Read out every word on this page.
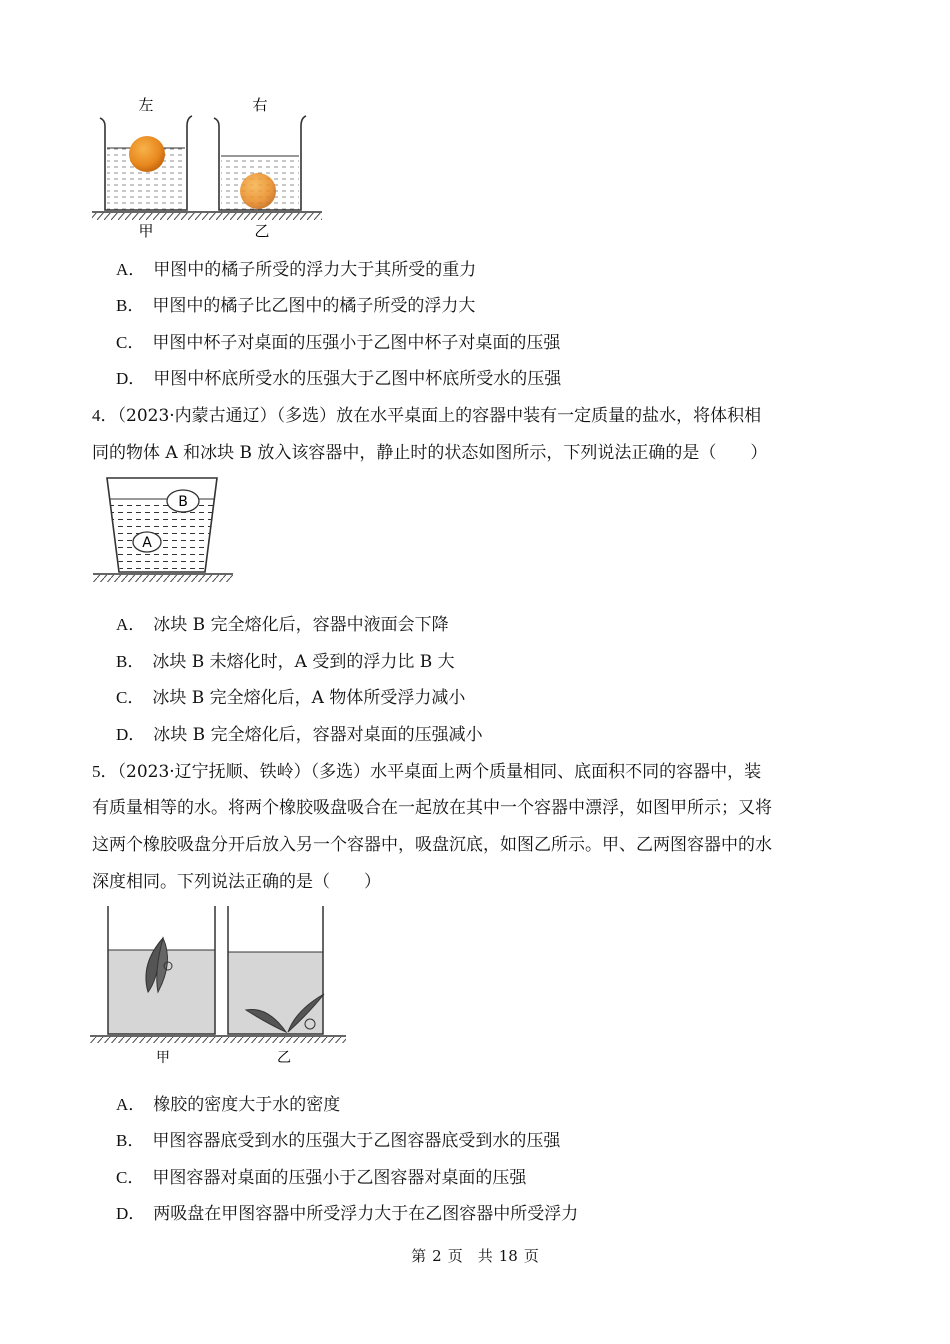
左	右
甲	乙
A． 甲图中的橘子所受的浮力大于其所受的重力
B． 甲图中的橘子比乙图中的橘子所受的浮力大
C． 甲图中杯子对桌面的压强小于乙图中杯子对桌面的压强
D． 甲图中杯底所受水的压强大于乙图中杯底所受水的压强
4．（2023·内蒙古通辽）（多选）放在水平桌面上的容器中装有一定质量的盐水，将体积相
同的物体 A 和冰块 B 放入该容器中，静止时的状态如图所示，下列说法正确的是（　　）
B
A
A． 冰块 B 完全熔化后，容器中液面会下降
B． 冰块 B 未熔化时，A 受到的浮力比 B 大
C． 冰块 B 完全熔化后，A 物体所受浮力减小
D． 冰块 B 完全熔化后，容器对桌面的压强减小
5．（2023·辽宁抚顺、铁岭）（多选）水平桌面上两个质量相同、底面积不同的容器中，装
有质量相等的水。将两个橡胶吸盘吸合在一起放在其中一个容器中漂浮，如图甲所示；又将
这两个橡胶吸盘分开后放入另一个容器中，吸盘沉底，如图乙所示。甲、乙两图容器中的水
深度相同。下列说法正确的是（　　）
甲	乙
A． 橡胶的密度大于水的密度
B． 甲图容器底受到水的压强大于乙图容器底受到水的压强
C． 甲图容器对桌面的压强小于乙图容器对桌面的压强
D． 两吸盘在甲图容器中所受浮力大于在乙图容器中所受浮力
第 2 页　共 18 页
